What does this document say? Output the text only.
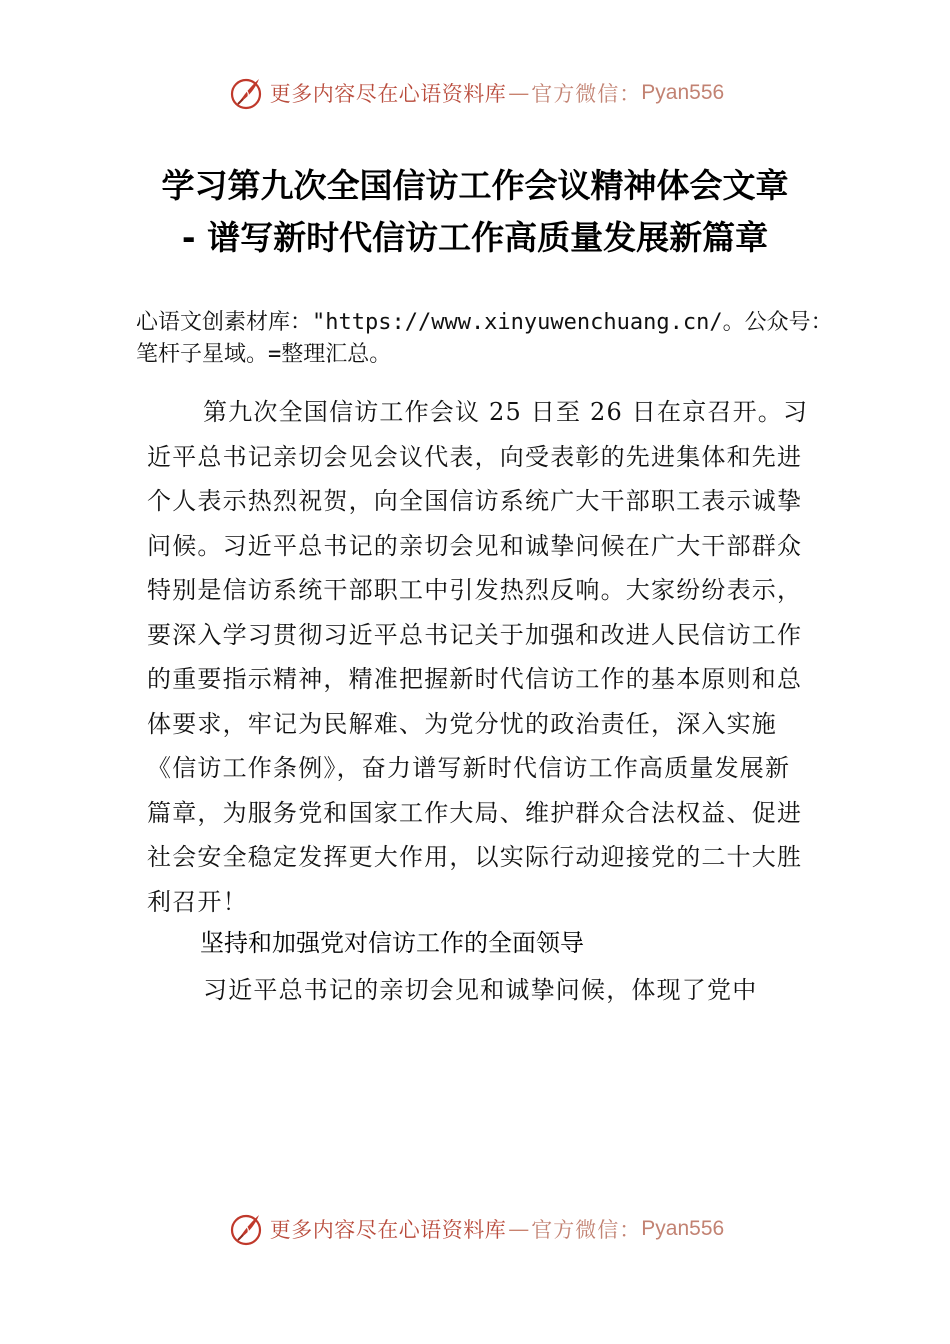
更多内容尽在心语资料库 — 官方微信： Pyan556
学习第九次全国信访工作会议精神体会文章 - 谱写新时代信访工作高质量发展新篇章

心语文创素材库："https://www.xinyuwenchuang.cn/。公众号：笔杆子星域。=整理汇总。

第九次全国信访工作会议 25 日至 26 日在京召开。习近平总书记亲切会见会议代表，向受表彰的先进集体和先进个人表示热烈祝贺，向全国信访系统广大干部职工表示诚挚问候。习近平总书记的亲切会见和诚挚问候在广大干部群众特别是信访系统干部职工中引发热烈反响。大家纷纷表示，要深入学习贯彻习近平总书记关于加强和改进人民信访工作的重要指示精神，精准把握新时代信访工作的基本原则和总体要求，牢记为民解难、为党分忧的政治责任，深入实施《信访工作条例》，奋力谱写新时代信访工作高质量发展新篇章，为服务党和国家工作大局、维护群众合法权益、促进社会安全稳定发挥更大作用，以实际行动迎接党的二十大胜利召开！

坚持和加强党对信访工作的全面领导

习近平总书记的亲切会见和诚挚问候，体现了党中

更多内容尽在心语资料库 — 官方微信： Pyan556
